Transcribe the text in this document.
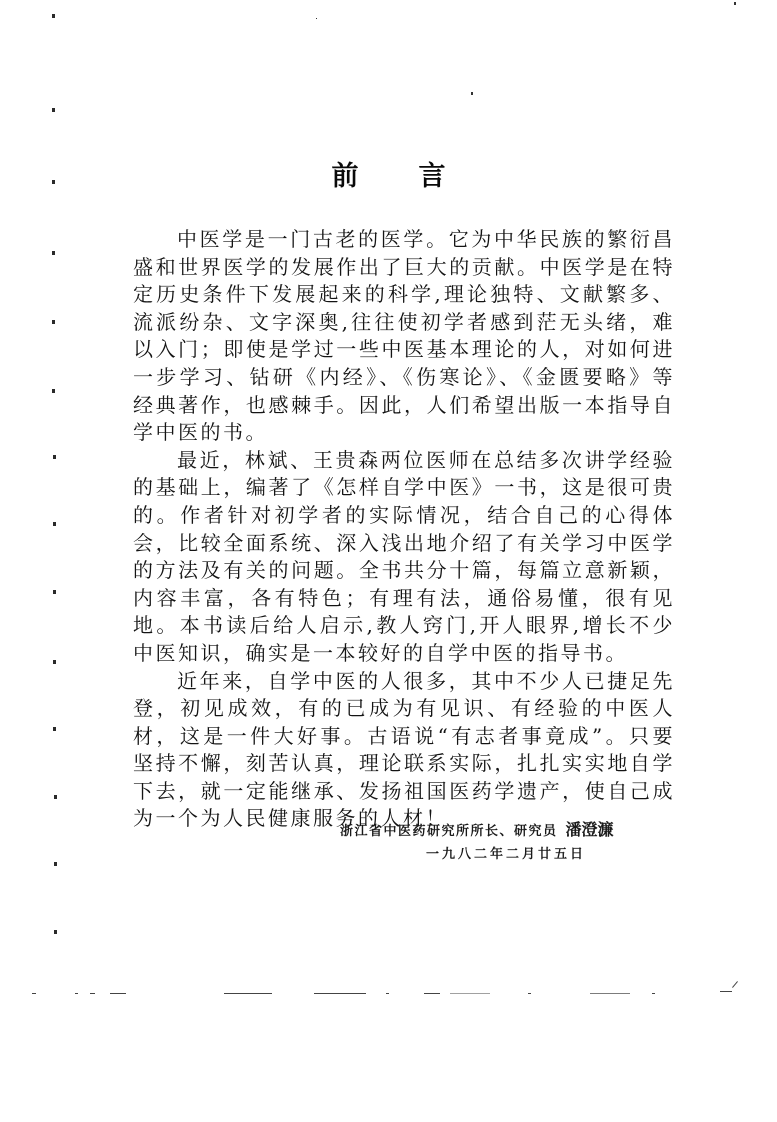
前 言

中医学是一门古老的医学。它为中华民族的繁衍昌盛和世界医学的发展作出了巨大的贡献。中医学是在特定历史条件下发展起来的科学,理论独特、文献繁多、流派纷杂、文字深奥,往往使初学者感到茫无头绪，难以入门；即使是学过一些中医基本理论的人，对如何进一步学习、钻研《内经》、《伤寒论》、《金匮要略》等经典著作，也感棘手。因此，人们希望出版一本指导自学中医的书。

最近，林斌、王贵森两位医师在总结多次讲学经验的基础上，编著了《怎样自学中医》一书，这是很可贵的。作者针对初学者的实际情况，结合自己的心得体会，比较全面系统、深入浅出地介绍了有关学习中医学的方法及有关的问题。全书共分十篇，每篇立意新颖，内容丰富，各有特色；有理有法，通俗易懂，很有见地。本书读后给人启示,教人窍门,开人眼界,增长不少中医知识，确实是一本较好的自学中医的指导书。

近年来，自学中医的人很多，其中不少人已捷足先登，初见成效，有的已成为有见识、有经验的中医人材，这是一件大好事。古语说“有志者事竟成”。只要坚持不懈，刻苦认真，理论联系实际，扎扎实实地自学下去，就一定能继承、发扬祖国医药学遗产，使自己成为一个为人民健康服务的人材！

浙江省中医药研究所所长、研究员 潘澄濂
一九八二年二月廿五日
